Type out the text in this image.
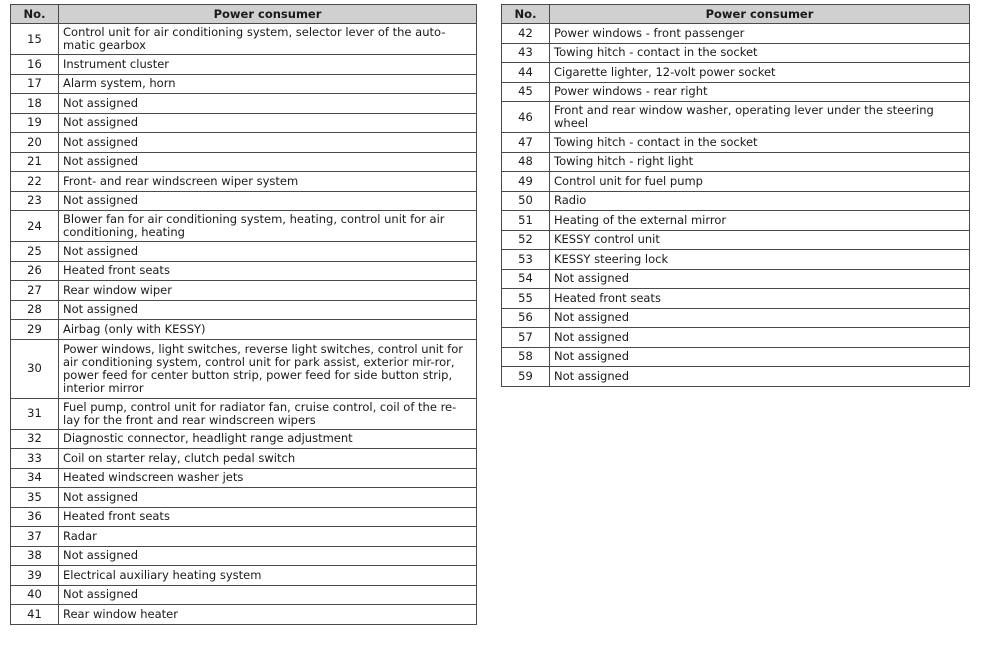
No.	Power consumer
15	Control unit for air conditioning system, selector lever of the auto-matic gearbox
16	Instrument cluster
17	Alarm system, horn
18	Not assigned
19	Not assigned
20	Not assigned
21	Not assigned
22	Front- and rear windscreen wiper system
23	Not assigned
24	Blower fan for air conditioning system, heating, control unit for air conditioning, heating
25	Not assigned
26	Heated front seats
27	Rear window wiper
28	Not assigned
29	Airbag (only with KESSY)
30	Power windows, light switches, reverse light switches, control unit for air conditioning system, control unit for park assist, exterior mir-ror, power feed for center button strip, power feed for side button strip, interior mirror
31	Fuel pump, control unit for radiator fan, cruise control, coil of the re-lay for the front and rear windscreen wipers
32	Diagnostic connector, headlight range adjustment
33	Coil on starter relay, clutch pedal switch
34	Heated windscreen washer jets
35	Not assigned
36	Heated front seats
37	Radar
38	Not assigned
39	Electrical auxiliary heating system
40	Not assigned
41	Rear window heater
No.	Power consumer
42	Power windows - front passenger
43	Towing hitch - contact in the socket
44	Cigarette lighter, 12-volt power socket
45	Power windows - rear right
46	Front and rear window washer, operating lever under the steering wheel
47	Towing hitch - contact in the socket
48	Towing hitch - right light
49	Control unit for fuel pump
50	Radio
51	Heating of the external mirror
52	KESSY control unit
53	KESSY steering lock
54	Not assigned
55	Heated front seats
56	Not assigned
57	Not assigned
58	Not assigned
59	Not assigned
